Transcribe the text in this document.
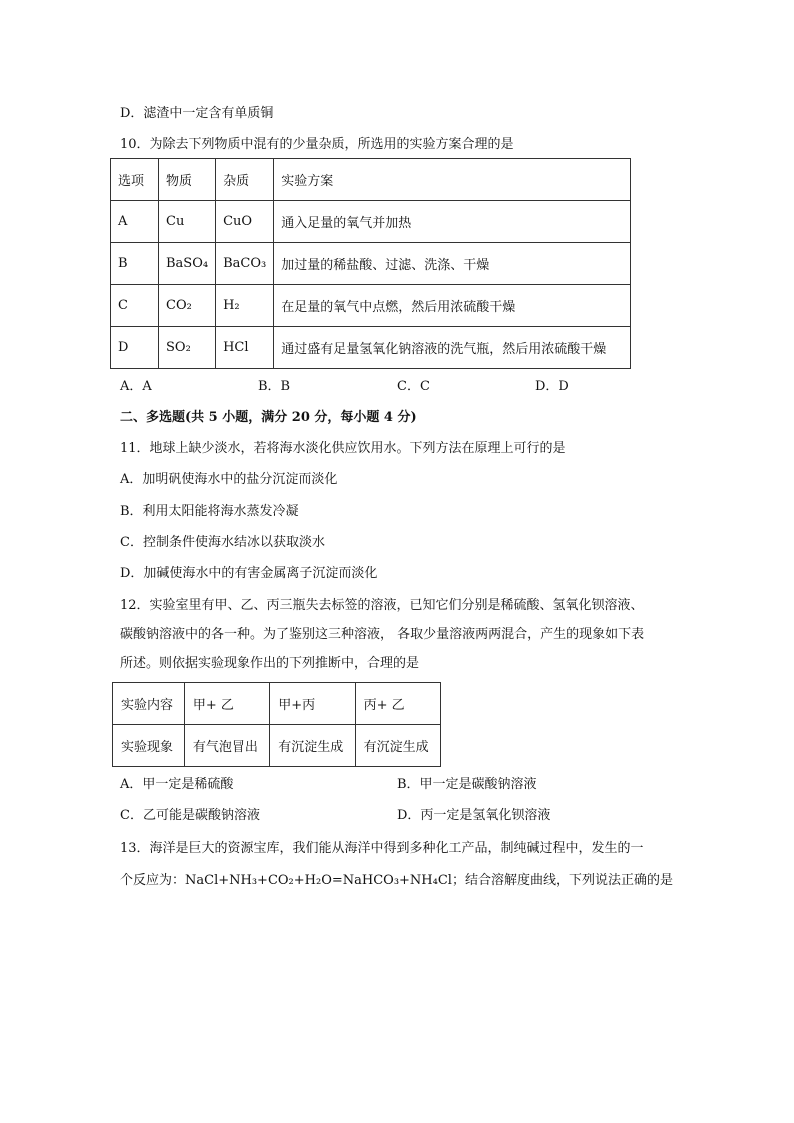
D．滤渣中一定含有单质铜
10．为除去下列物质中混有的少量杂质，所选用的实验方案合理的是
选项	物质	杂质	实验方案
A	Cu	CuO	通入足量的氧气并加热
B	BaSO₄	BaCO₃	加过量的稀盐酸、过滤、洗涤、干燥
C	CO₂	H₂	在足量的氧气中点燃，然后用浓硫酸干燥
D	SO₂	HCl	通过盛有足量氢氧化钠溶液的洗气瓶，然后用浓硫酸干燥
A．A	B．B	C．C	D．D
二、多选题(共 5 小题，满分 20 分，每小题 4 分)
11．地球上缺少淡水，若将海水淡化供应饮用水。下列方法在原理上可行的是
A．加明矾使海水中的盐分沉淀而淡化
B．利用太阳能将海水蒸发冷凝
C．控制条件使海水结冰以获取淡水
D．加碱使海水中的有害金属离子沉淀而淡化
12．实验室里有甲、乙、丙三瓶失去标签的溶液，已知它们分别是稀硫酸、氢氧化钡溶液、
碳酸钠溶液中的各一种。为了鉴别这三种溶液， 各取少量溶液两两混合，产生的现象如下表
所述。则依据实验现象作出的下列推断中，合理的是
实验内容	甲+ 乙	甲+丙	丙+ 乙
实验现象	有气泡冒出	有沉淀生成	有沉淀生成
A．甲一定是稀硫酸	B．甲一定是碳酸钠溶液
C．乙可能是碳酸钠溶液	D．丙一定是氢氧化钡溶液
13．海洋是巨大的资源宝库，我们能从海洋中得到多种化工产品，制纯碱过程中，发生的一
个反应为：NaCl+NH₃+CO₂+H₂O=NaHCO₃+NH₄Cl；结合溶解度曲线，下列说法正确的是
